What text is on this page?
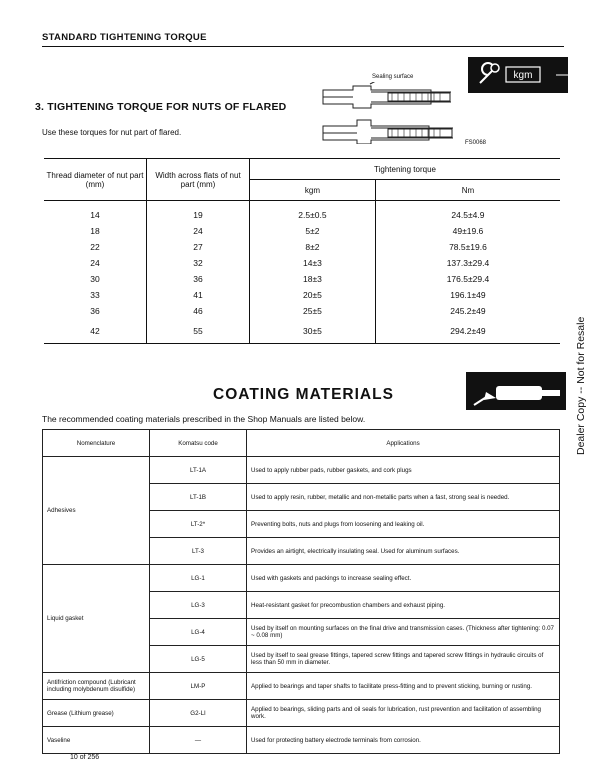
STANDARD TIGHTENING TORQUE
kgm
3. TIGHTENING TORQUE FOR NUTS OF FLARED
Use these torques for nut part of flared.
Sealing surface
FS0068
Thread diameter of nut part (mm)	Width across flats of nut part (mm)	Tightening torque	
		kgm	Nm
14	19	2.5±0.5	24.5±4.9
18	24	5±2	49±19.6
22	27	8±2	78.5±19.6
24	32	14±3	137.3±29.4
30	36	18±3	176.5±29.4
33	41	20±5	196.1±49
36	46	25±5	245.2±49
42	55	30±5	294.2±49
COATING MATERIALS
The recommended coating materials prescribed in the Shop Manuals are listed below.
Nomenclature	Komatsu code	Applications
Adhesives	LT-1A	Used to apply rubber pads, rubber gaskets, and cork plugs
	LT-1B	Used to apply resin, rubber, metallic and non-metallic parts when a fast, strong seal is needed.
	LT-2*	Preventing bolts, nuts and plugs from loosening and leaking oil.
	LT-3	Provides an airtight, electrically insulating seal. Used for aluminum surfaces.
Liquid gasket	LG-1	Used with gaskets and packings to increase sealing effect.
	LG-3	Heat-resistant gasket for precombustion chambers and exhaust piping.
	LG-4	Used by itself on mounting surfaces on the final drive and transmission cases. (Thickness after tightening: 0.07 ~ 0.08 mm)
	LG-5	Used by itself to seal grease fittings, tapered screw fittings and tapered screw fittings in hydraulic circuits of less than 50 mm in diameter.
Antifriction compound (Lubricant including molybdenum disulfide)	LM-P	Applied to bearings and taper shafts to facilitate press-fitting and to prevent sticking, burning or rusting.
Grease (Lithium grease)	G2-LI	Applied to bearings, sliding parts and oil seals for lubrication, rust prevention and facilitation of assembling work.
Vaseline	—	Used for protecting battery electrode terminals from corrosion.
10 of 256
Dealer Copy -- Not for Resale
